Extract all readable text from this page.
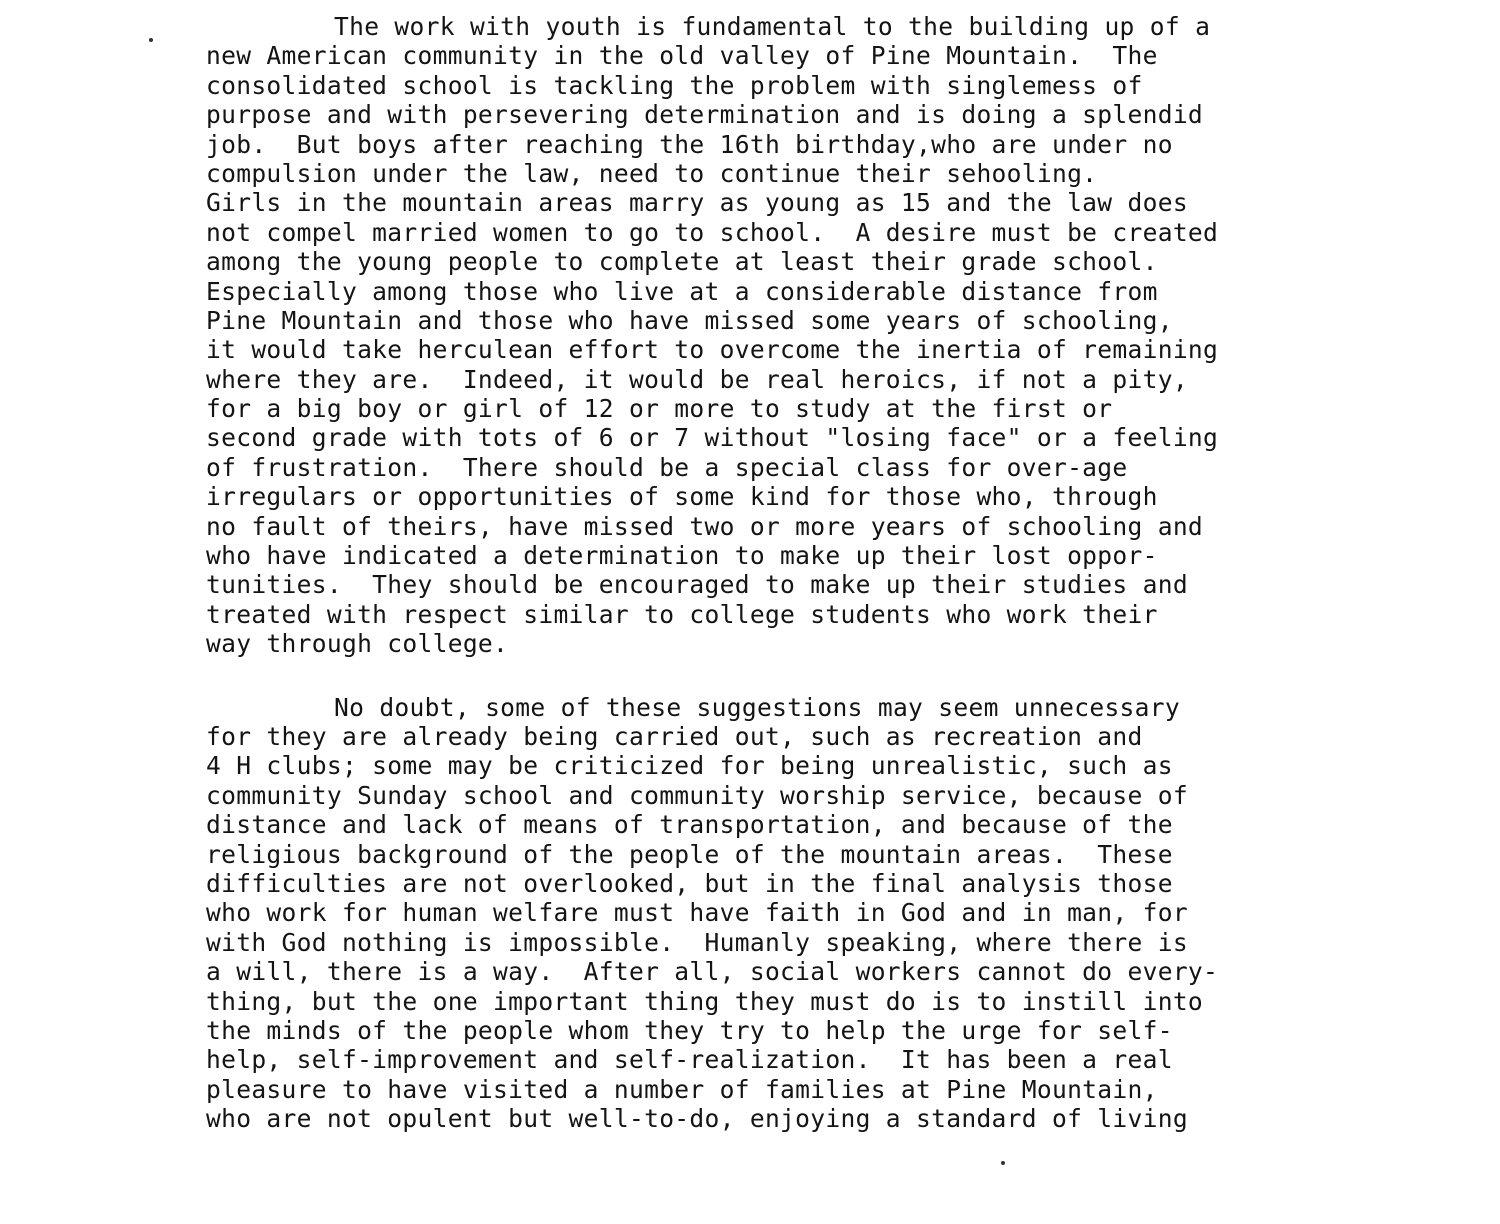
The work with youth is fundamental to the building up of a
new American community in the old valley of Pine Mountain.  The
consolidated school is tackling the problem with singlemess of
purpose and with persevering determination and is doing a splendid
job.  But boys after reaching the 16th birthday,who are under no
compulsion under the law, need to continue their sehooling.
Girls in the mountain areas marry as young as 15 and the law does
not compel married women to go to school.  A desire must be created
among the young people to complete at least their grade school.
Especially among those who live at a considerable distance from
Pine Mountain and those who have missed some years of schooling,
it would take herculean effort to overcome the inertia of remaining
where they are.  Indeed, it would be real heroics, if not a pity,
for a big boy or girl of 12 or more to study at the first or
second grade with tots of 6 or 7 without "losing face" or a feeling
of frustration.  There should be a special class for over-age
irregulars or opportunities of some kind for those who, through
no fault of theirs, have missed two or more years of schooling and
who have indicated a determination to make up their lost oppor-
tunities.  They should be encouraged to make up their studies and
treated with respect similar to college students who work their
way through college.
No doubt, some of these suggestions may seem unnecessary
for they are already being carried out, such as recreation and
4 H clubs; some may be criticized for being unrealistic, such as
community Sunday school and community worship service, because of
distance and lack of means of transportation, and because of the
religious background of the people of the mountain areas.  These
difficulties are not overlooked, but in the final analysis those
who work for human welfare must have faith in God and in man, for
with God nothing is impossible.  Humanly speaking, where there is
a will, there is a way.  After all, social workers cannot do every-
thing, but the one important thing they must do is to instill into
the minds of the people whom they try to help the urge for self-
help, self-improvement and self-realization.  It has been a real
pleasure to have visited a number of families at Pine Mountain,
who are not opulent but well-to-do, enjoying a standard of living
